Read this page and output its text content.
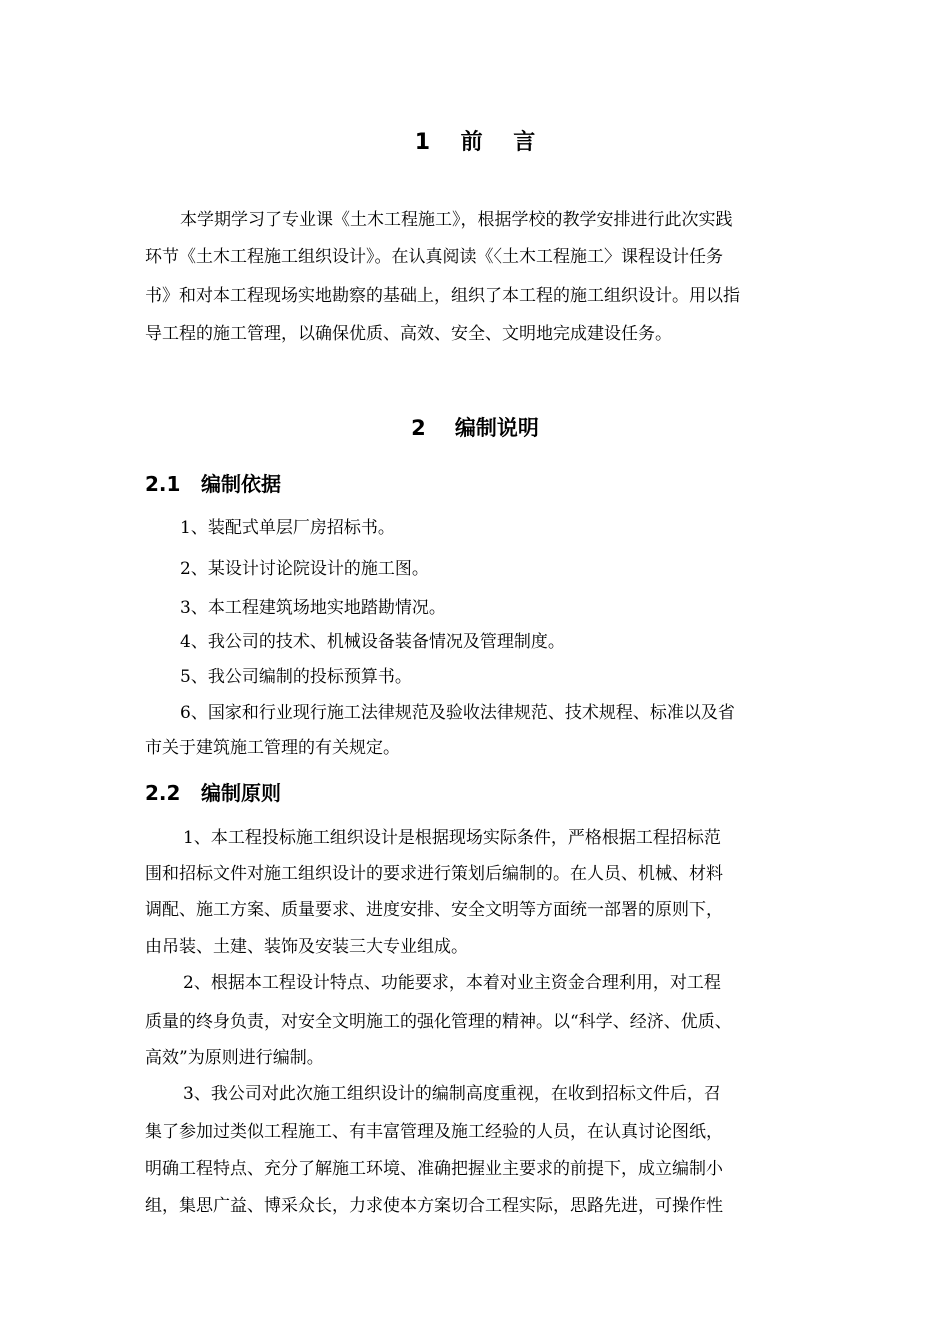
1    前    言
本学期学习了专业课《土木工程施工》，根据学校的教学安排进行此次实践
环节《土木工程施工组织设计》。在认真阅读《〈土木工程施工〉课程设计任务
书》和对本工程现场实地勘察的基础上，组织了本工程的施工组织设计。用以指
导工程的施工管理，以确保优质、高效、安全、文明地完成建设任务。
2    编制说明
2.1 编制依据
1、装配式单层厂房招标书。
2、某设计讨论院设计的施工图。
3、本工程建筑场地实地踏勘情况。
4、我公司的技术、机械设备装备情况及管理制度。
5、我公司编制的投标预算书。
6、国家和行业现行施工法律规范及验收法律规范、技术规程、标准以及省
市关于建筑施工管理的有关规定。
2.2 编制原则
1、本工程投标施工组织设计是根据现场实际条件，严格根据工程招标范
围和招标文件对施工组织设计的要求进行策划后编制的。在人员、机械、材料
调配、施工方案、质量要求、进度安排、安全文明等方面统一部署的原则下，
由吊装、土建、装饰及安装三大专业组成。
2、根据本工程设计特点、功能要求，本着对业主资金合理利用，对工程
质量的终身负责，对安全文明施工的强化管理的精神。以“科学、经济、优质、
高效”为原则进行编制。
3、我公司对此次施工组织设计的编制高度重视，在收到招标文件后，召
集了参加过类似工程施工、有丰富管理及施工经验的人员，在认真讨论图纸，
明确工程特点、充分了解施工环境、准确把握业主要求的前提下，成立编制小
组，集思广益、博采众长，力求使本方案切合工程实际，思路先进，可操作性
